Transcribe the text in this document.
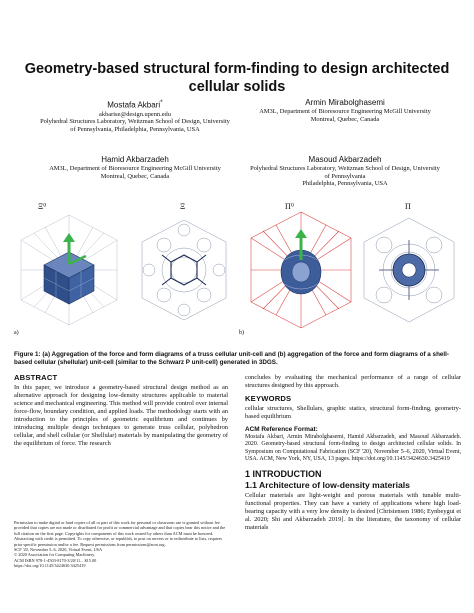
Geometry-based structural form-finding to design architected cellular solids
Mostafa Akbari*
akbarise@design.upenn.edu
Polyhedral Structures Laboratory, Weitzman School of Design, University of Pennsylvania, Philadelphia, Pennsylvania, USA
Armin Mirabolghasemi
AM3L, Department of Bioresource Engineering McGill University
Montreal, Quebec, Canada
Hamid Akbarzadeh
AM3L, Department of Bioresource Engineering McGill University
Montreal, Quebec, Canada
Masoud Akbarzadeh
Polyhedral Structures Laboratory, Weitzman School of Design, University of Pennsylvania
Philadelphia, Pennsylvania, USA
Ξ⁰	Ξ
a)
П⁰	Π
b)
Figure 1: (a) Aggregation of the force and form diagrams of a truss cellular unit-cell and (b) aggregation of the force and form diagrams of a shell-based cellular (shellular) unit-cell (similar to the Schwarz P unit-cell) generated in 3DGS.
ABSTRACT

In this paper, we introduce a geometry-based structural design method as an alternative approach for designing low-density structures applicable to material science and mechanical engineering. This method will provide control over internal force-flow, boundary condition, and applied loads. The methodology starts with an introduction to the principles of geometric equilibrium and continues by introducing multiple design techniques to generate truss cellular, polyhedron cellular, and shell cellular (or Shellular) materials by manipulating the geometry of the equilibrium of force. The research

Permission to make digital or hard copies of all or part of this work for personal or classroom use is granted without fee provided that copies are not made or distributed for profit or commercial advantage and that copies bear this notice and the full citation on the first page. Copyrights for components of this work owned by others than ACM must be honored. Abstracting with credit is permitted. To copy otherwise, or republish, to post on servers or to redistribute to lists, requires prior specific permission and/or a fee. Request permissions from permissions@acm.org.
SCF '20, November 5–6, 2020, Virtual Event, USA
© 2020 Association for Computing Machinery.
ACM ISBN 978-1-4503-8170-3/20/11... $15.00
https://doi.org/10.1145/3424630.3425419

concludes by evaluating the mechanical performance of a range of cellular structures designed by this approach.

KEYWORDS

cellular structures, Shellulars, graphic statics, structural form-finding, geometry-based equilibrium

ACM Reference Format:

Mostafa Akbari, Armin Mirabolghasemi, Hamid Akbarzadeh, and Masoud Akbarzadeh. 2020. Geometry-based structural form-finding to design architected cellular solids. In Symposium on Computational Fabrication (SCF '20), November 5–6, 2020, Virtual Event, USA. ACM, New York, NY, USA, 13 pages. https://doi.org/10.1145/3424630.3425419

1 INTRODUCTION
1.1 Architecture of low-density materials

Cellular materials are light-weight and porous materials with tunable multi-functional properties. They can have a variety of applications where high load-bearing capacity with a very low density is desired [Christensen 1986; Eynbeygui et al. 2020; Shi and Akbarzadeh 2019]. In the literature, the taxonomy of cellular materials
